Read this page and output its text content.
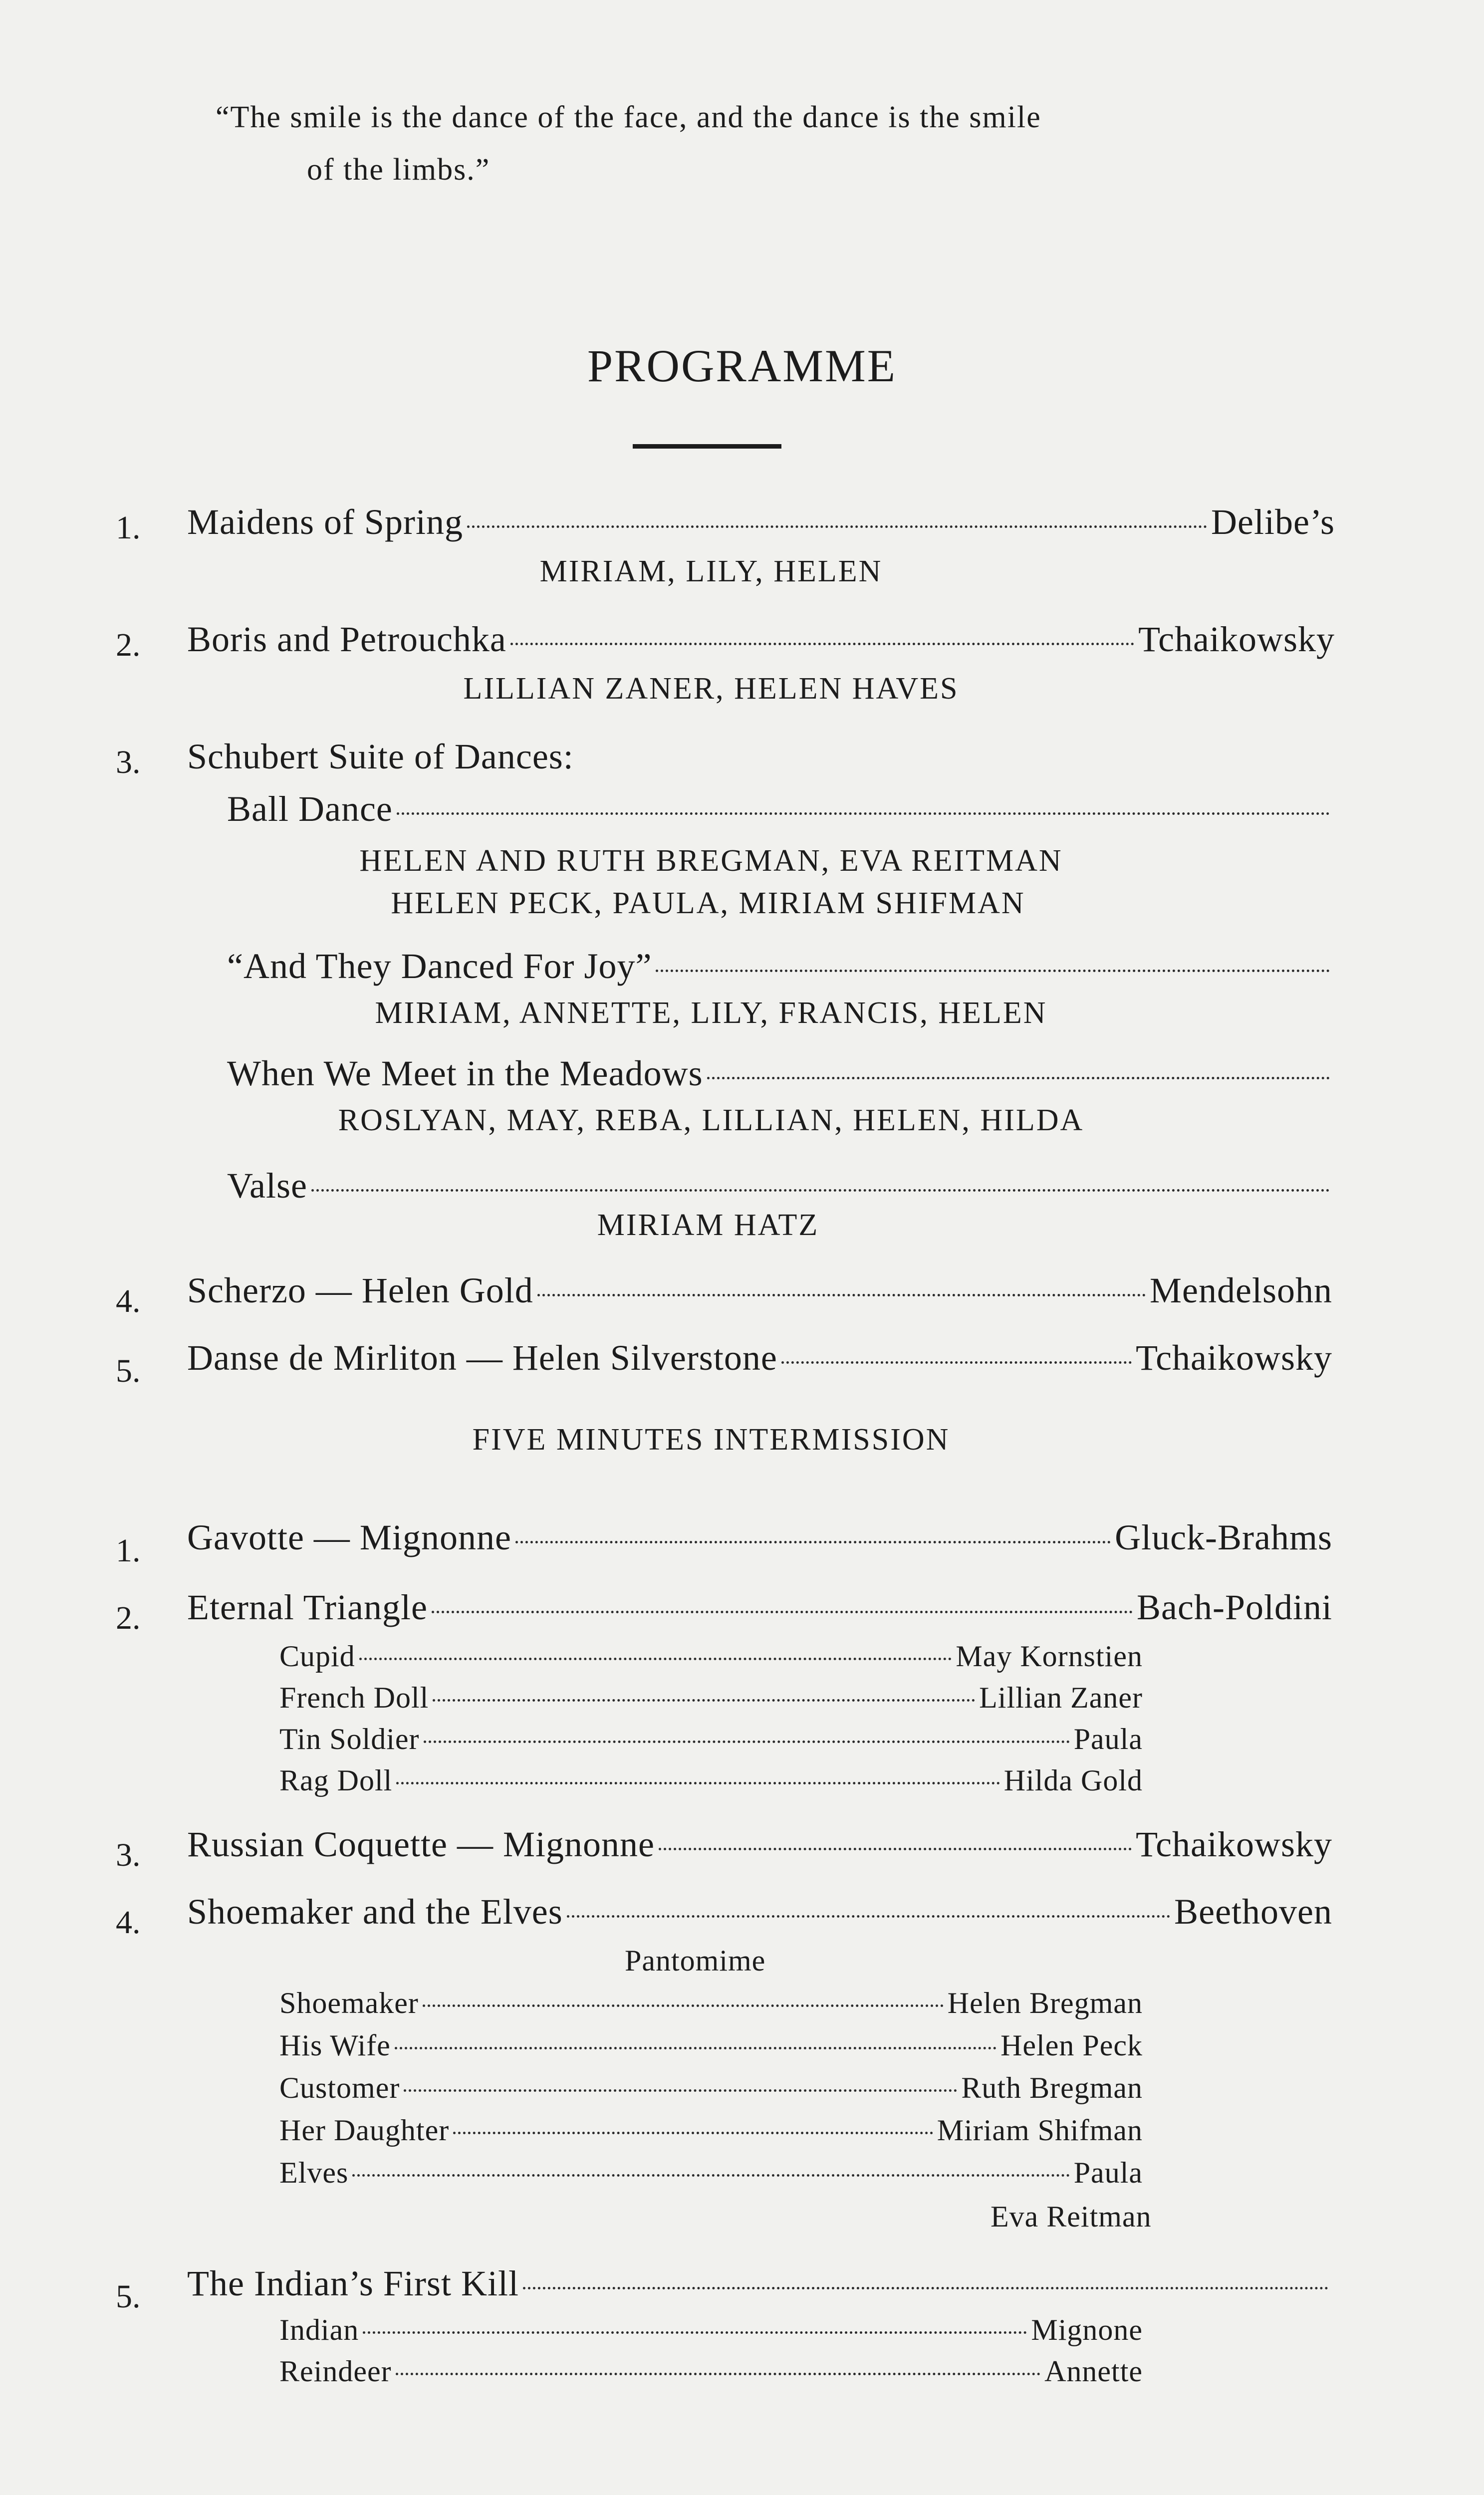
“The smile is the dance of the face, and the dance is the smile
of the limbs.”
PROGRAMME
1. Maidens of Spring	Delibe’s
MIRIAM, LILY, HELEN
2. Boris and Petrouchka	Tchaikowsky
LILLIAN ZANER, HELEN HAVES
3. Schubert Suite of Dances:
Ball Dance
HELEN AND RUTH BREGMAN, EVA REITMAN
HELEN PECK, PAULA, MIRIAM SHIFMAN
“And They Danced For Joy”
MIRIAM, ANNETTE, LILY, FRANCIS, HELEN
When We Meet in the Meadows
ROSLYAN, MAY, REBA, LILLIAN, HELEN, HILDA
Valse
MIRIAM HATZ
4. Scherzo — Helen Gold	Mendelsohn
5. Danse de Mirliton — Helen Silverstone	Tchaikowsky
FIVE MINUTES INTERMISSION
1. Gavotte — Mignonne	Gluck-Brahms
2. Eternal Triangle	Bach-Poldini
Cupid	May Kornstien
French Doll	Lillian Zaner
Tin Soldier	Paula
Rag Doll	Hilda Gold
3. Russian Coquette — Mignonne	Tchaikowsky
4. Shoemaker and the Elves	Beethoven
Pantomime
Shoemaker	Helen Bregman
His Wife	Helen Peck
Customer	Ruth Bregman
Her Daughter	Miriam Shifman
Elves	Paula
Eva Reitman
5. The Indian’s First Kill
Indian	Mignone
Reindeer	Annette
